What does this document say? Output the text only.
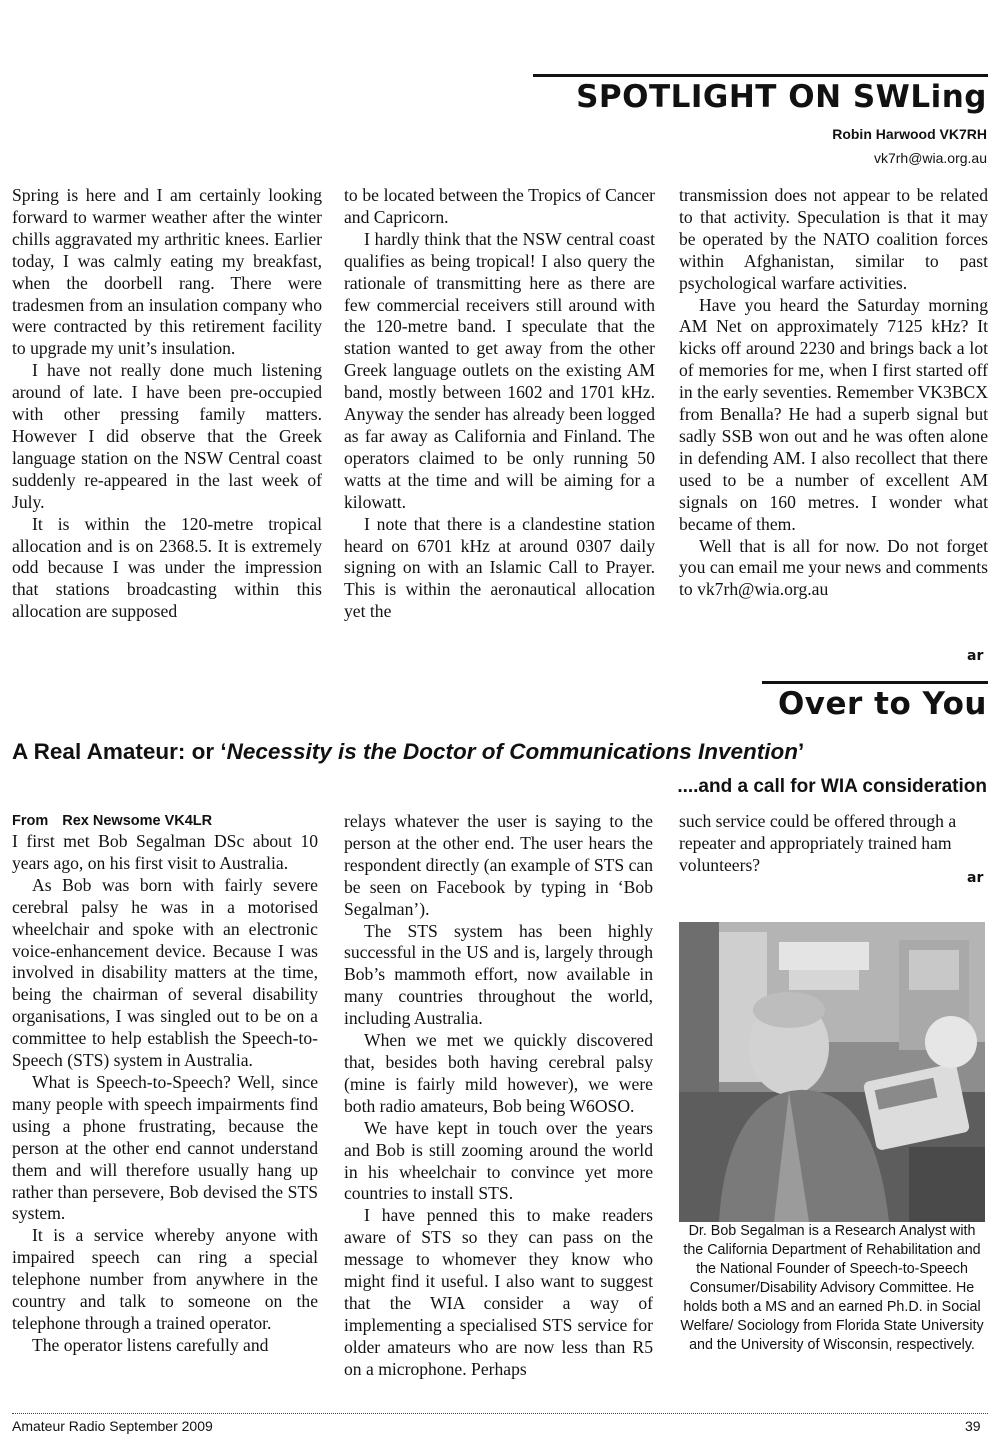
SPOTLIGHT ON SWLing
Robin Harwood VK7RH
vk7rh@wia.org.au

Spring is here and I am certainly looking forward to warmer weather after the winter chills aggravated my arthritic knees. Earlier today, I was calmly eating my breakfast, when the doorbell rang. There were tradesmen from an insulation company who were contracted by this retirement facility to upgrade my unit’s insulation.

I have not really done much listening around of late. I have been pre-occupied with other pressing family matters. However I did observe that the Greek language station on the NSW Central coast suddenly re-appeared in the last week of July.

It is within the 120-metre tropical allocation and is on 2368.5. It is extremely odd because I was under the impression that stations broadcasting within this allocation are supposed

to be located between the Tropics of Cancer and Capricorn.

I hardly think that the NSW central coast qualifies as being tropical! I also query the rationale of transmitting here as there are few commercial receivers still around with the 120-metre band. I speculate that the station wanted to get away from the other Greek language outlets on the existing AM band, mostly between 1602 and 1701 kHz. Anyway the sender has already been logged as far away as California and Finland. The operators claimed to be only running 50 watts at the time and will be aiming for a kilowatt.

I note that there is a clandestine station heard on 6701 kHz at around 0307 daily signing on with an Islamic Call to Prayer. This is within the aeronautical allocation yet the

transmission does not appear to be related to that activity. Speculation is that it may be operated by the NATO coalition forces within Afghanistan, similar to past psychological warfare activities.

Have you heard the Saturday morning AM Net on approximately 7125 kHz? It kicks off around 2230 and brings back a lot of memories for me, when I first started off in the early seventies. Remember VK3BCX from Benalla? He had a superb signal but sadly SSB won out and he was often alone in defending AM. I also recollect that there used to be a number of excellent AM signals on 160 metres. I wonder what became of them.

Well that is all for now. Do not forget you can email me your news and comments to vk7rh@wia.org.au

ar
Over to You
A Real Amateur: or ‘Necessity is the Doctor of Communications Invention’
....and a call for WIA consideration
From Rex Newsome VK4LR

I first met Bob Segalman DSc about 10 years ago, on his first visit to Australia.

As Bob was born with fairly severe cerebral palsy he was in a motorised wheelchair and spoke with an electronic voice-enhancement device. Because I was involved in disability matters at the time, being the chairman of several disability organisations, I was singled out to be on a committee to help establish the Speech-to-Speech (STS) system in Australia.

What is Speech-to-Speech? Well, since many people with speech impairments find using a phone frustrating, because the person at the other end cannot understand them and will therefore usually hang up rather than persevere, Bob devised the STS system.

It is a service whereby anyone with impaired speech can ring a special telephone number from anywhere in the country and talk to someone on the telephone through a trained operator.

The operator listens carefully and

relays whatever the user is saying to the person at the other end. The user hears the respondent directly (an example of STS can be seen on Facebook by typing in ‘Bob Segalman’).

The STS system has been highly successful in the US and is, largely through Bob’s mammoth effort, now available in many countries throughout the world, including Australia.

When we met we quickly discovered that, besides both having cerebral palsy (mine is fairly mild however), we were both radio amateurs, Bob being W6OSO.

We have kept in touch over the years and Bob is still zooming around the world in his wheelchair to convince yet more countries to install STS.

I have penned this to make readers aware of STS so they can pass on the message to whomever they know who might find it useful. I also want to suggest that the WIA consider a way of implementing a specialised STS service for older amateurs who are now less than R5 on a microphone. Perhaps

such service could be offered through a repeater and appropriately trained ham volunteers?

ar
Dr. Bob Segalman is a Research Analyst with the California Department of Rehabilitation and the National Founder of Speech-to-Speech Consumer/Disability Advisory Committee. He holds both a MS and an earned Ph.D. in Social Welfare/ Sociology from Florida State University and the University of Wisconsin, respectively.
Amateur Radio September 2009	39
